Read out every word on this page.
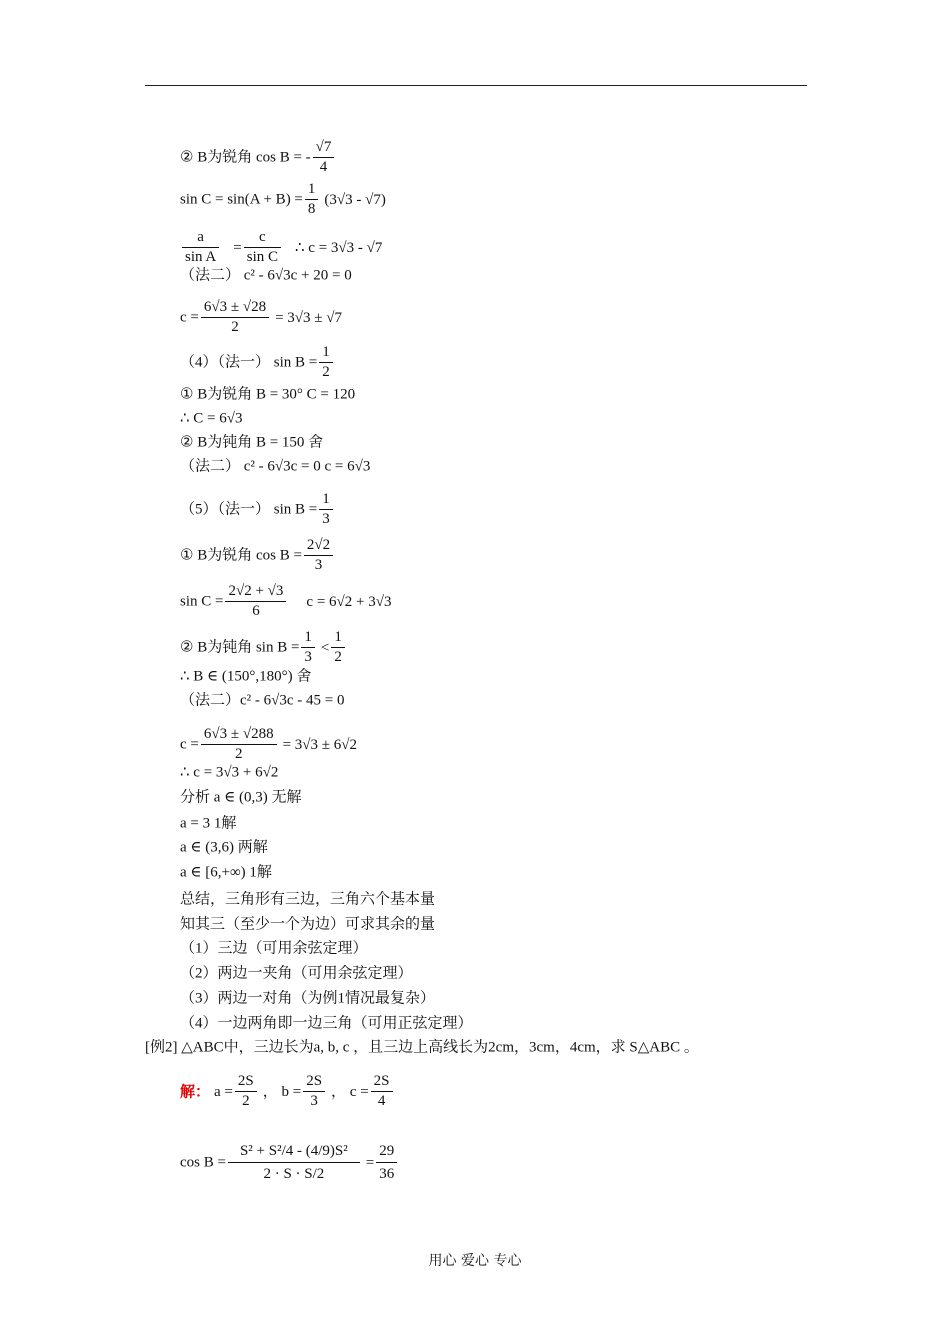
② B为锐角 cos B = - $\frac{√7}{4}$
$\sin C = \sin(A + B) = \frac{1}{8} (3√3 - √7)$
$\frac{a}{\text{sin A}} = \frac{c}{\text{sin C}}$ ∴ c = 3√3 - √7
（法二） c² - 6√3c + 20 = 0
$c = \frac{6√3 \pm √28}{2} = 3√3 \pm √7$
（4）（法一） $\sin B = \frac{1}{2}$
① B为锐角 B = 30° C = 120
∴ C = 6√3
② B为钝角 B = 150 舍
（法二） c² - 6√3c = 0 c = 6√3
（5）（法一） $\sin B = \frac{1}{3}$
① B为锐角 $\cos B = \frac{2√2}{3}$
$\sin C = \frac{2√2 + √3}{6}$ c = 6√2 + 3√3
② B为钝角 $\sin B = \frac{1}{3} < \frac{1}{2}$
∴ B ∈ (150°,180°) 舍
（法二）c² - 6√3c - 45 = 0
$c = \frac{6√3 \pm √288}{2} = 3√3 \pm 6√2$
∴ c = 3√3 + 6√2
分析 a ∈ (0,3) 无解
a = 3 1解
a ∈ (3,6) 两解
a ∈ [6,+∞) 1解
总结，三角形有三边，三角六个基本量
知其三（至少一个为边）可求其余的量
（1）三边（可用余弦定理）
（2）两边一夹角（可用余弦定理）
（3）两边一对角（为例1情况最复杂）
（4）一边两角即一边三角（可用正弦定理）
[例2] △ABC中，三边长为a, b, c ，且三边上高线长为2cm，3cm，4cm，求 S△ABC 。
解： $a = \frac{2S}{2}$ ， $b = \frac{2S}{3}$ ， $c = \frac{2S}{4}$
$\cos B = \frac{\text{S² + S²/4 - (4/9)S²}}{2 \cdot S \cdot S/2} = \frac{29}{36}$
用心 爱心 专心
